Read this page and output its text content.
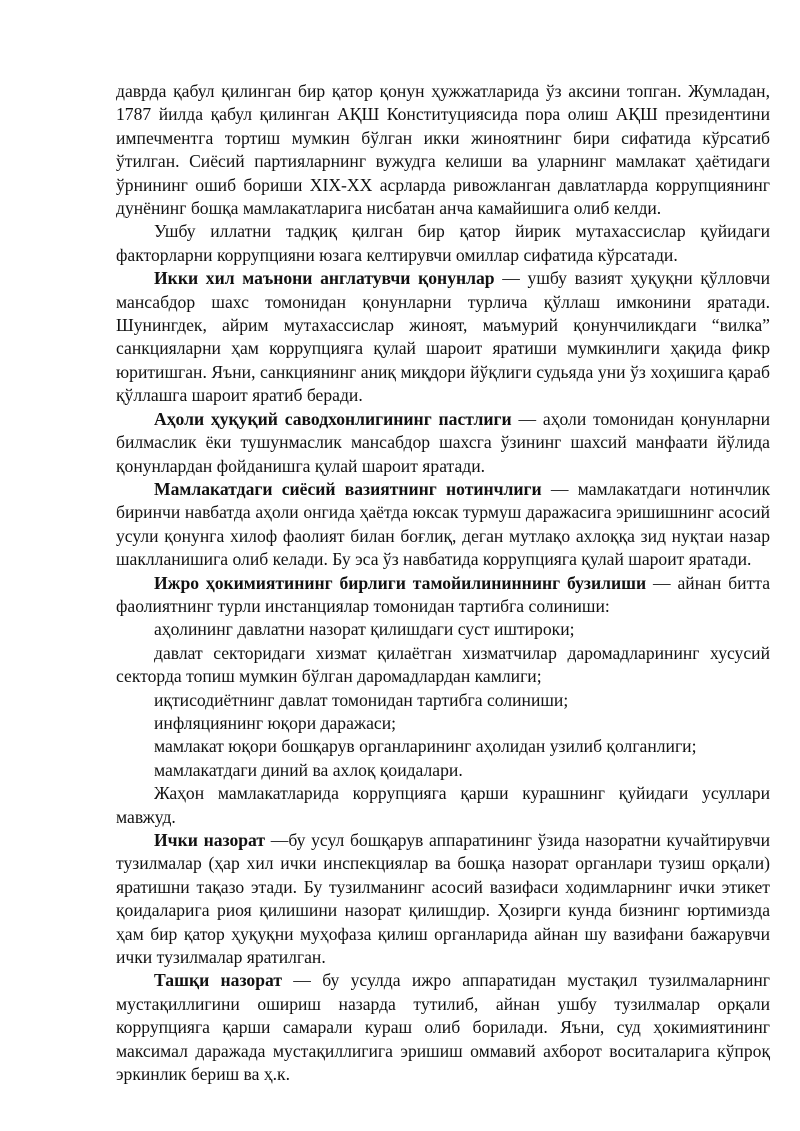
даврда қабул қилинган бир қатор қонун ҳужжатларида ўз аксини топган. Жумладан, 1787 йилда қабул қилинган АҚШ Конституциясида пора олиш АҚШ президентини импечментга тортиш мумкин бўлган икки жиноятнинг бири сифатида кўрсатиб ўтилган. Сиёсий партияларнинг вужудга келиши ва уларнинг мамлакат ҳаётидаги ўрнининг ошиб бориши XIX-XX асрларда ривожланган давлатларда коррупциянинг дунёнинг бошқа мамлакатларига нисбатан анча камайишига олиб келди.

Ушбу иллатни тадқиқ қилган бир қатор йирик мутахассислар қуйидаги факторларни коррупцияни юзага келтирувчи омиллар сифатида кўрсатади.

Икки хил маънони англатувчи қонунлар — ушбу вазият ҳуқуқни қўлловчи мансабдор шахс томонидан қонунларни турлича қўллаш имконини яратади. Шунингдек, айрим мутахассислар жиноят, маъмурий қонунчиликдаги “вилка” санкцияларни ҳам коррупцияга қулай шароит яратиши мумкинлиги ҳақида фикр юритишган. Яъни, санкциянинг аниқ миқдори йўқлиги судьяда уни ўз хоҳишига қараб қўллашга шароит яратиб беради.

Аҳоли ҳуқуқий саводхонлигининг пастлиги — аҳоли томонидан қонунларни билмаслик ёки тушунмаслик мансабдор шахсга ўзининг шахсий манфаати йўлида қонунлардан фойданишга қулай шароит яратади.

Мамлакатдаги сиёсий вазиятнинг нотинчлиги — мамлакатдаги нотинчлик биринчи навбатда аҳоли онгида ҳаётда юксак турмуш даражасига эришишнинг асосий усули қонунга хилоф фаолият билан боғлиқ, деган мутлақо ахлоққа зид нуқтаи назар шаклланишига олиб келади. Бу эса ўз навбатида коррупцияга қулай шароит яратади.

Ижро ҳокимиятининг бирлиги тамойилининнинг бузилиши — айнан битта фаолиятнинг турли инстанциялар томонидан тартибга солиниши:

аҳолининг давлатни назорат қилишдаги суст иштироки;

давлат секторидаги хизмат қилаётган хизматчилар даромадларининг хусусий секторда топиш мумкин бўлган даромадлардан камлиги;

иқтисодиётнинг давлат томонидан тартибга солиниши;

инфляциянинг юқори даражаси;

мамлакат юқори бошқарув органларининг аҳолидан узилиб қолганлиги;

мамлакатдаги диний ва ахлоқ қоидалари.

Жаҳон мамлакатларида коррупцияга қарши курашнинг қуйидаги усуллари мавжуд.

Ички назорат —бу усул бошқарув аппаратининг ўзида назоратни кучайтирувчи тузилмалар (ҳар хил ички инспекциялар ва бошқа назорат органлари тузиш орқали) яратишни тақазо этади. Бу тузилманинг асосий вазифаси ходимларнинг ички этикет қоидаларига риоя қилишини назорат қилишдир. Ҳозирги кунда бизнинг юртимизда ҳам бир қатор ҳуқуқни муҳофаза қилиш органларида айнан шу вазифани бажарувчи ички тузилмалар яратилган.

Ташқи назорат — бу усулда ижро аппаратидан мустақил тузилмаларнинг мустақиллигини ошириш назарда тутилиб, айнан ушбу тузилмалар орқали коррупцияга қарши самарали кураш олиб борилади. Яъни, суд ҳокимиятининг максимал даражада мустақиллигига эришиш оммавий ахборот воситаларига кўпроқ эркинлик бериш ва ҳ.к.
